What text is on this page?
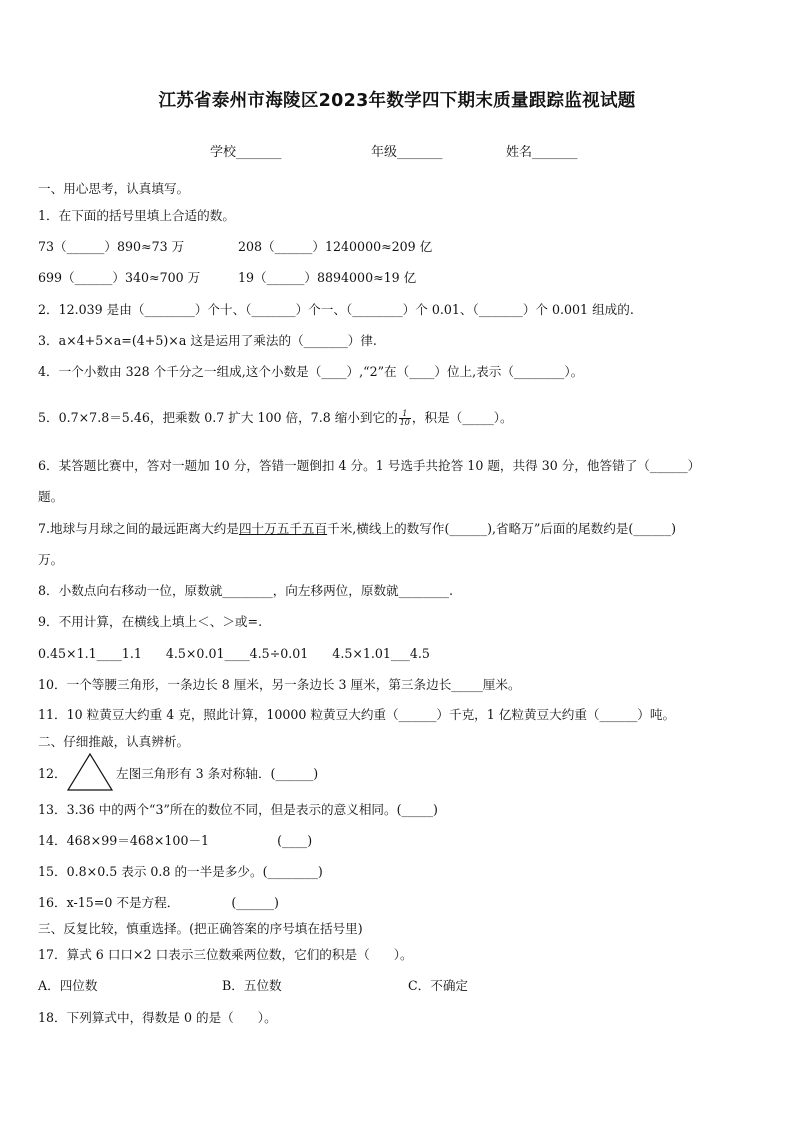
江苏省泰州市海陵区2023年数学四下期末质量跟踪监视试题
学校_______	年级_______	姓名_______
一、用心思考，认真填写。
1．在下面的括号里填上合适的数。
73（______）890≈73 万	208（______）1240000≈209 亿
699（______）340≈700 万	19（______）8894000≈19 亿
2．12.039 是由（________）个十、（_______）个一、（________）个 0.01、（_______）个 0.001 组成的.
3．a×4+5×a=(4+5)×a 这是运用了乘法的（_______）律.
4．一个小数由 328 个千分之一组成,这个小数是（____）,“2”在（____）位上,表示（________）。
5．0.7×7.8＝5.46，把乘数 0.7 扩大 100 倍，7.8 缩小到它的 $\frac{1}{10}$ ，积是（_____）。
6．某答题比赛中，答对一题加 10 分，答错一题倒扣 4 分。1 号选手共抢答 10 题，共得 30 分，他答错了（______）
题。
7.地球与月球之间的最远距离大约是四十万五千五百千米,横线上的数写作(______),省略万”后面的尾数约是(______)
万。
8．小数点向右移动一位，原数就________，向左移两位，原数就________.
9．不用计算，在横线上填上＜、＞或=.
0.45×1.1____1.1      4.5×0.01____4.5÷0.01      4.5×1.01___4.5
10．一个等腰三角形，一条边长 8 厘米，另一条边长 3 厘米，第三条边长_____厘米。
11．10 粒黄豆大约重 4 克，照此计算，10000 粒黄豆大约重（______）千克，1 亿粒黄豆大约重（______）吨。
二、仔细推敲，认真辨析。
12．	左图三角形有 3 条对称轴．(______)
13．3.36 中的两个“3”所在的数位不同，但是表示的意义相同。(_____)
14．468×99＝468×100－1                 (____)
15．0.8×0.5 表示 0.8 的一半是多少。(________)
16．x-15=0 不是方程．             (______)
三、反复比较，慎重选择。(把正确答案的序号填在括号里)
17．算式 6 口口×2 口表示三位数乘两位数，它们的积是（      ）。
A．四位数	B．五位数	C．不确定
18．下列算式中，得数是 0 的是（      ）。
